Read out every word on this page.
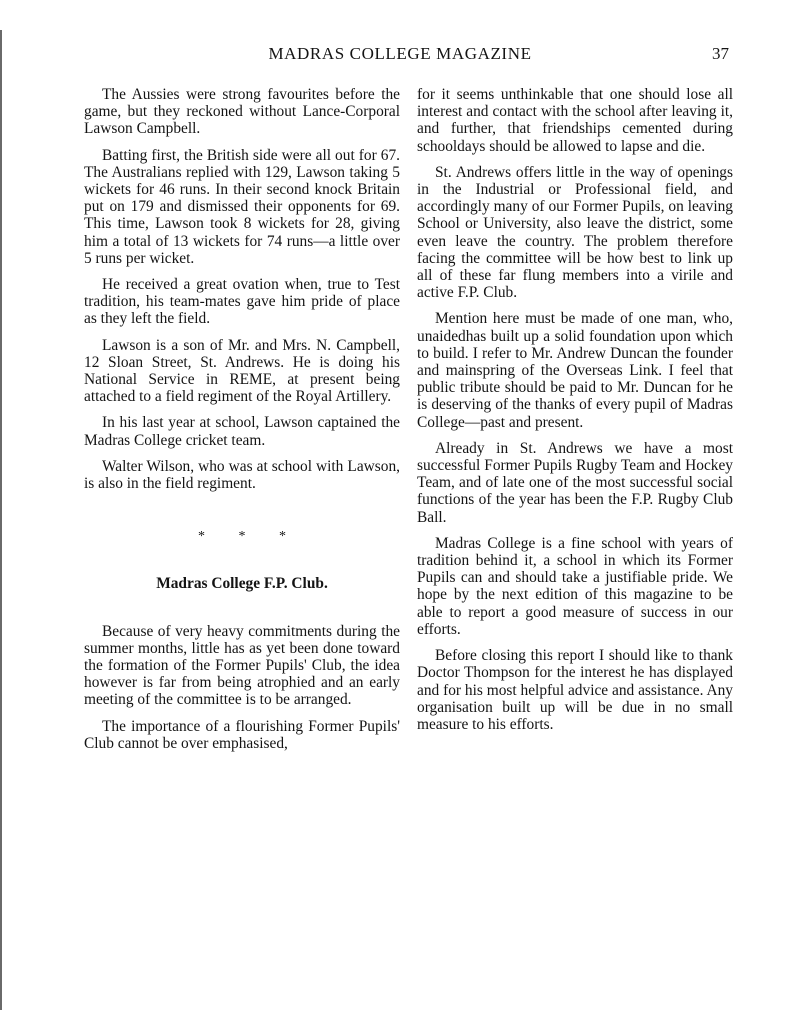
MADRAS COLLEGE MAGAZINE	37

The Aussies were strong favourites before the game, but they reckoned without Lance-Corporal Lawson Campbell.

Batting first, the British side were all out for 67. The Australians replied with 129, Lawson taking 5 wickets for 46 runs. In their second knock Britain put on 179 and dismissed their opponents for 69. This time, Lawson took 8 wickets for 28, giving him a total of 13 wickets for 74 runs—a little over 5 runs per wicket.

He received a great ovation when, true to Test tradition, his team-mates gave him pride of place as they left the field.

Lawson is a son of Mr. and Mrs. N. Campbell, 12 Sloan Street, St. Andrews. He is doing his National Service in REME, at present being attached to a field regiment of the Royal Artillery.

In his last year at school, Lawson captained the Madras College cricket team.

Walter Wilson, who was at school with Lawson, is also in the field regiment.

* * *
Madras College F.P. Club.

Because of very heavy commitments during the summer months, little has as yet been done toward the formation of the Former Pupils' Club, the idea however is far from being atrophied and an early meeting of the committee is to be arranged.

The importance of a flourishing Former Pupils' Club cannot be over emphasised,

for it seems unthinkable that one should lose all interest and contact with the school after leaving it, and further, that friendships cemented during schooldays should be allowed to lapse and die.

St. Andrews offers little in the way of openings in the Industrial or Professional field, and accordingly many of our Former Pupils, on leaving School or University, also leave the district, some even leave the country. The problem therefore facing the committee will be how best to link up all of these far flung members into a virile and active F.P. Club.

Mention here must be made of one man, who, unaidedhas built up a solid foundation upon which to build. I refer to Mr. Andrew Duncan the founder and mainspring of the Overseas Link. I feel that public tribute should be paid to Mr. Duncan for he is deserving of the thanks of every pupil of Madras College—past and present.

Already in St. Andrews we have a most successful Former Pupils Rugby Team and Hockey Team, and of late one of the most successful social functions of the year has been the F.P. Rugby Club Ball.

Madras College is a fine school with years of tradition behind it, a school in which its Former Pupils can and should take a justifiable pride. We hope by the next edition of this magazine to be able to report a good measure of success in our efforts.

Before closing this report I should like to thank Doctor Thompson for the interest he has displayed and for his most helpful advice and assistance. Any organisation built up will be due in no small measure to his efforts.
